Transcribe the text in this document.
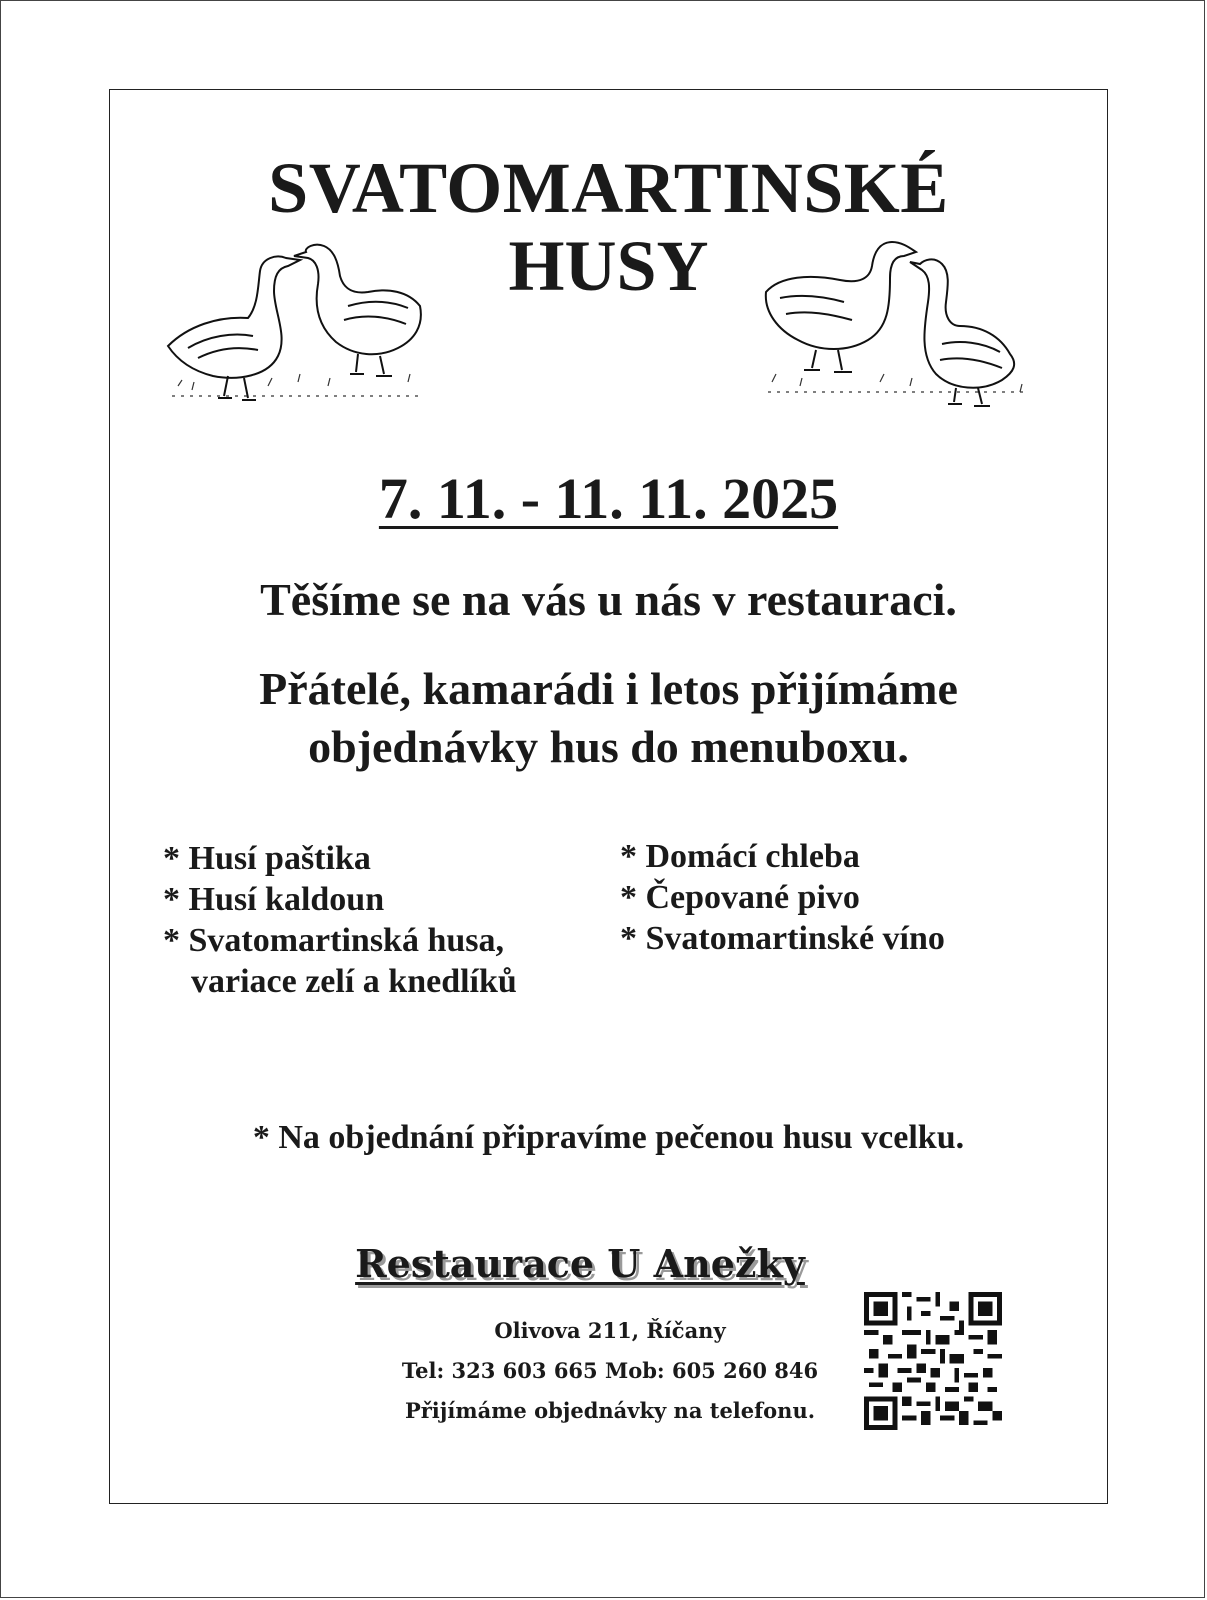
SVATOMARTINSKÉ
HUSY
7. 11. - 11. 11. 2025
Těšíme se na vás u nás v restauraci.
Přátelé, kamarádi i letos přijímáme
objednávky hus do menuboxu.
* Husí paštika
* Husí kaldoun
* Svatomartinská husa,
variace zelí a knedlíků
* Domácí chleba
* Čepované pivo
* Svatomartinské víno
* Na objednání připravíme pečenou husu vcelku.
Restaurace U Anežky
Olivova 211, Říčany
Tel: 323 603 665 Mob: 605 260 846
Přijímáme objednávky na telefonu.
